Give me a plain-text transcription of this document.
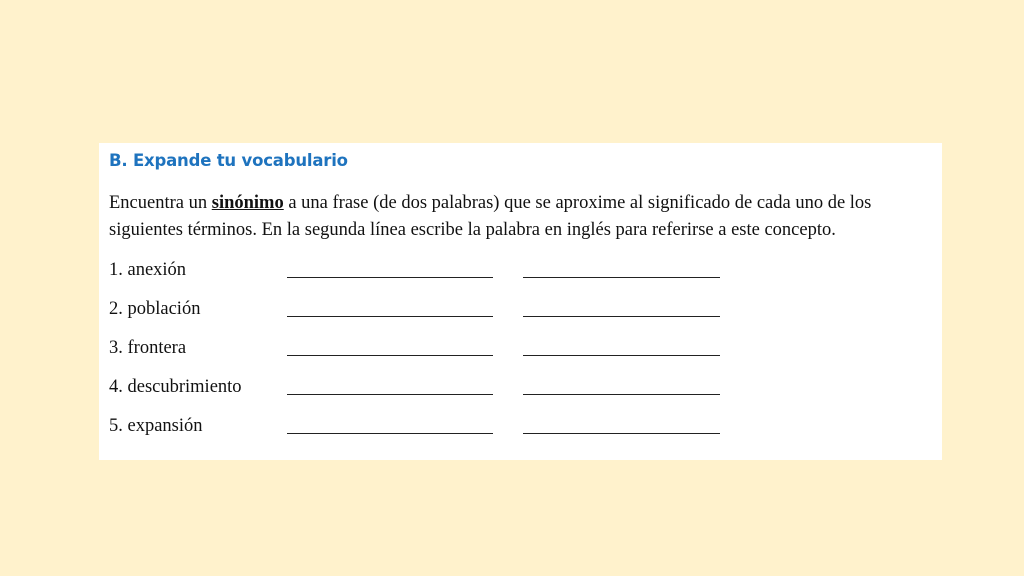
B. Expande tu vocabulario
Encuentra un sinónimo a una frase (de dos palabras) que se aproxime al significado de cada uno de los siguientes términos. En la segunda línea escribe la palabra en inglés para referirse a este concepto.
1. anexión
2. población
3. frontera
4. descubrimiento
5. expansión
